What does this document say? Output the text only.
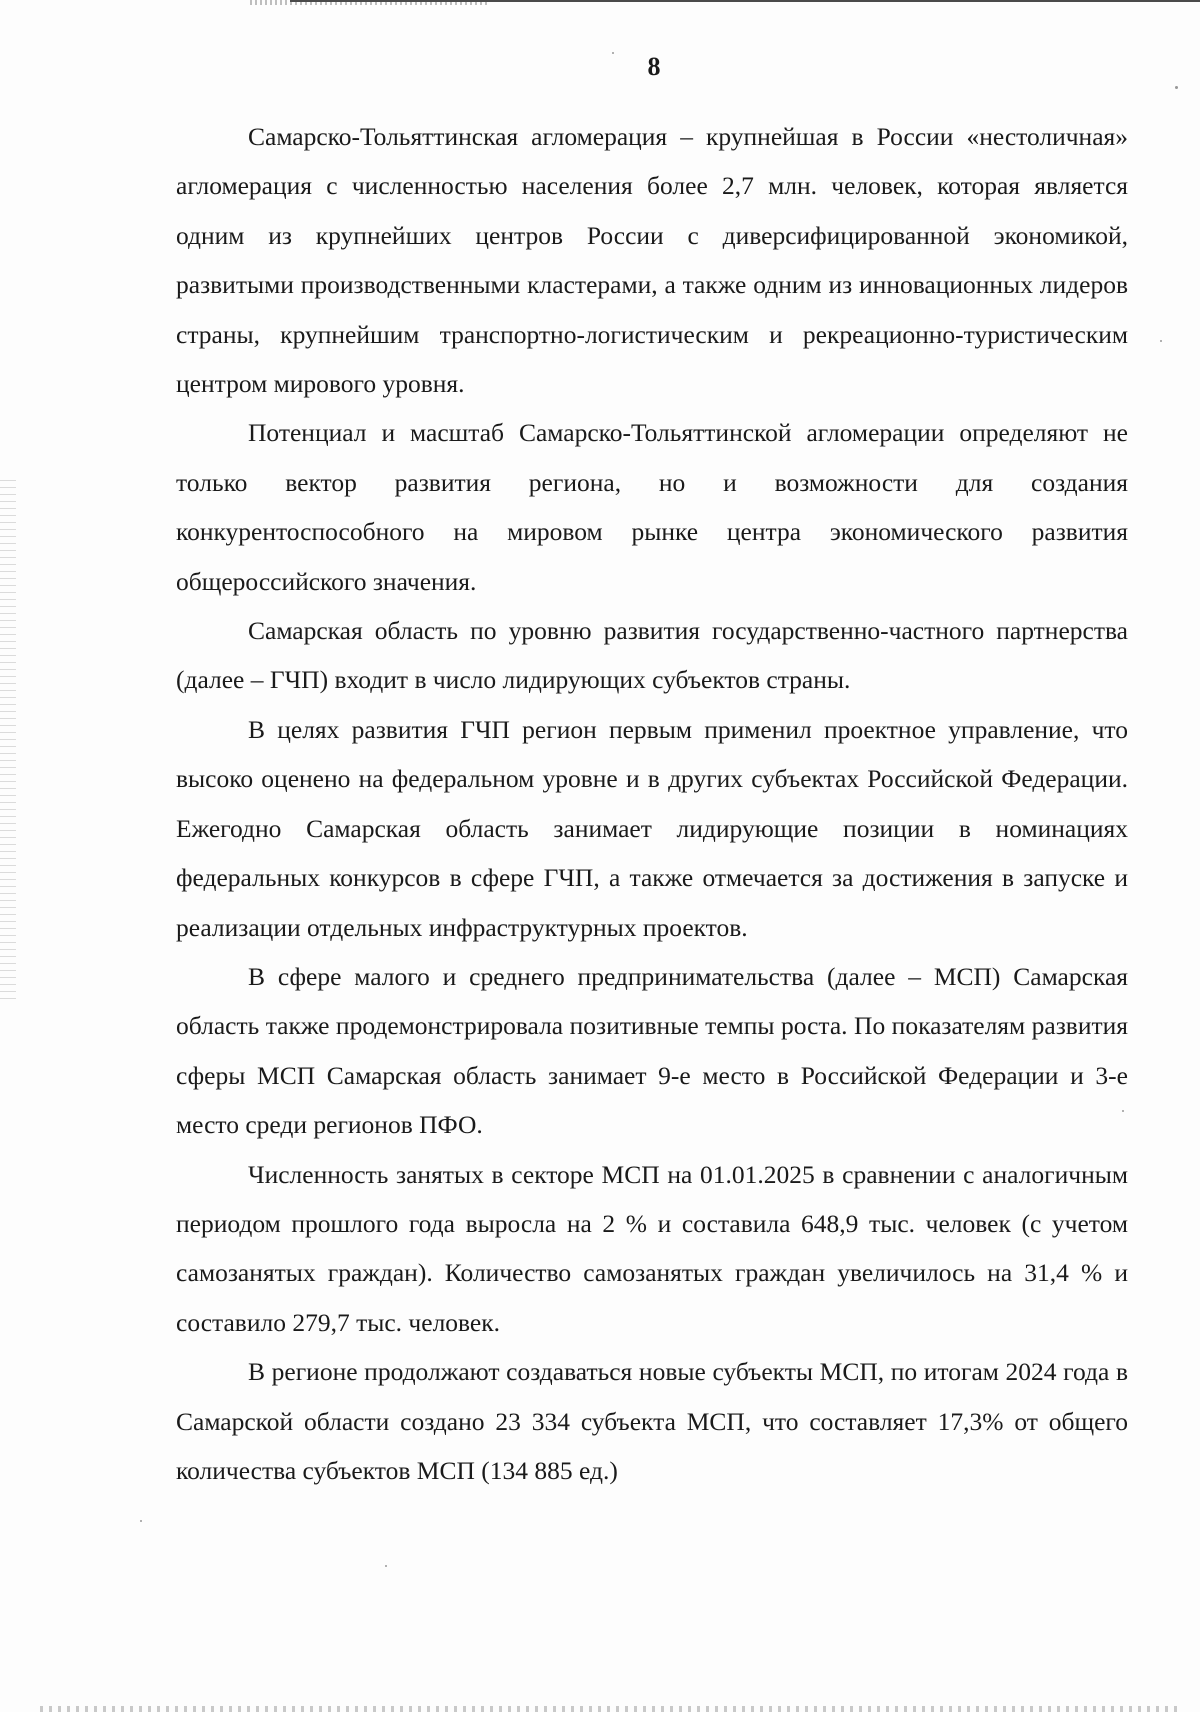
8

Самарско-Тольяттинская агломерация – крупнейшая в России «нестоличная» агломерация с численностью населения более 2,7 млн. человек, которая является одним из крупнейших центров России с диверсифицированной экономикой, развитыми производственными кластерами, а также одним из инновационных лидеров страны, крупнейшим транспортно-логистическим и рекреационно-туристическим центром мирового уровня.

Потенциал и масштаб Самарско-Тольяттинской агломерации определяют не только вектор развития региона, но и возможности для создания конкурентоспособного на мировом рынке центра экономического развития общероссийского значения.

Самарская область по уровню развития государственно-частного партнерства (далее – ГЧП) входит в число лидирующих субъектов страны.

В целях развития ГЧП регион первым применил проектное управление, что высоко оценено на федеральном уровне и в других субъектах Российской Федерации. Ежегодно Самарская область занимает лидирующие позиции в номинациях федеральных конкурсов в сфере ГЧП, а также отмечается за достижения в запуске и реализации отдельных инфраструктурных проектов.

В сфере малого и среднего предпринимательства (далее – МСП) Самарская область также продемонстрировала позитивные темпы роста. По показателям развития сферы МСП Самарская область занимает 9-е место в Российской Федерации и 3-е место среди регионов ПФО.

Численность занятых в секторе МСП на 01.01.2025 в сравнении с аналогичным периодом прошлого года выросла на 2 % и составила 648,9 тыс. человек (с учетом самозанятых граждан). Количество самозанятых граждан увеличилось на 31,4 % и составило 279,7 тыс. человек.

В регионе продолжают создаваться новые субъекты МСП, по итогам 2024 года в Самарской области создано 23 334 субъекта МСП, что составляет 17,3% от общего количества субъектов МСП (134 885 ед.)
